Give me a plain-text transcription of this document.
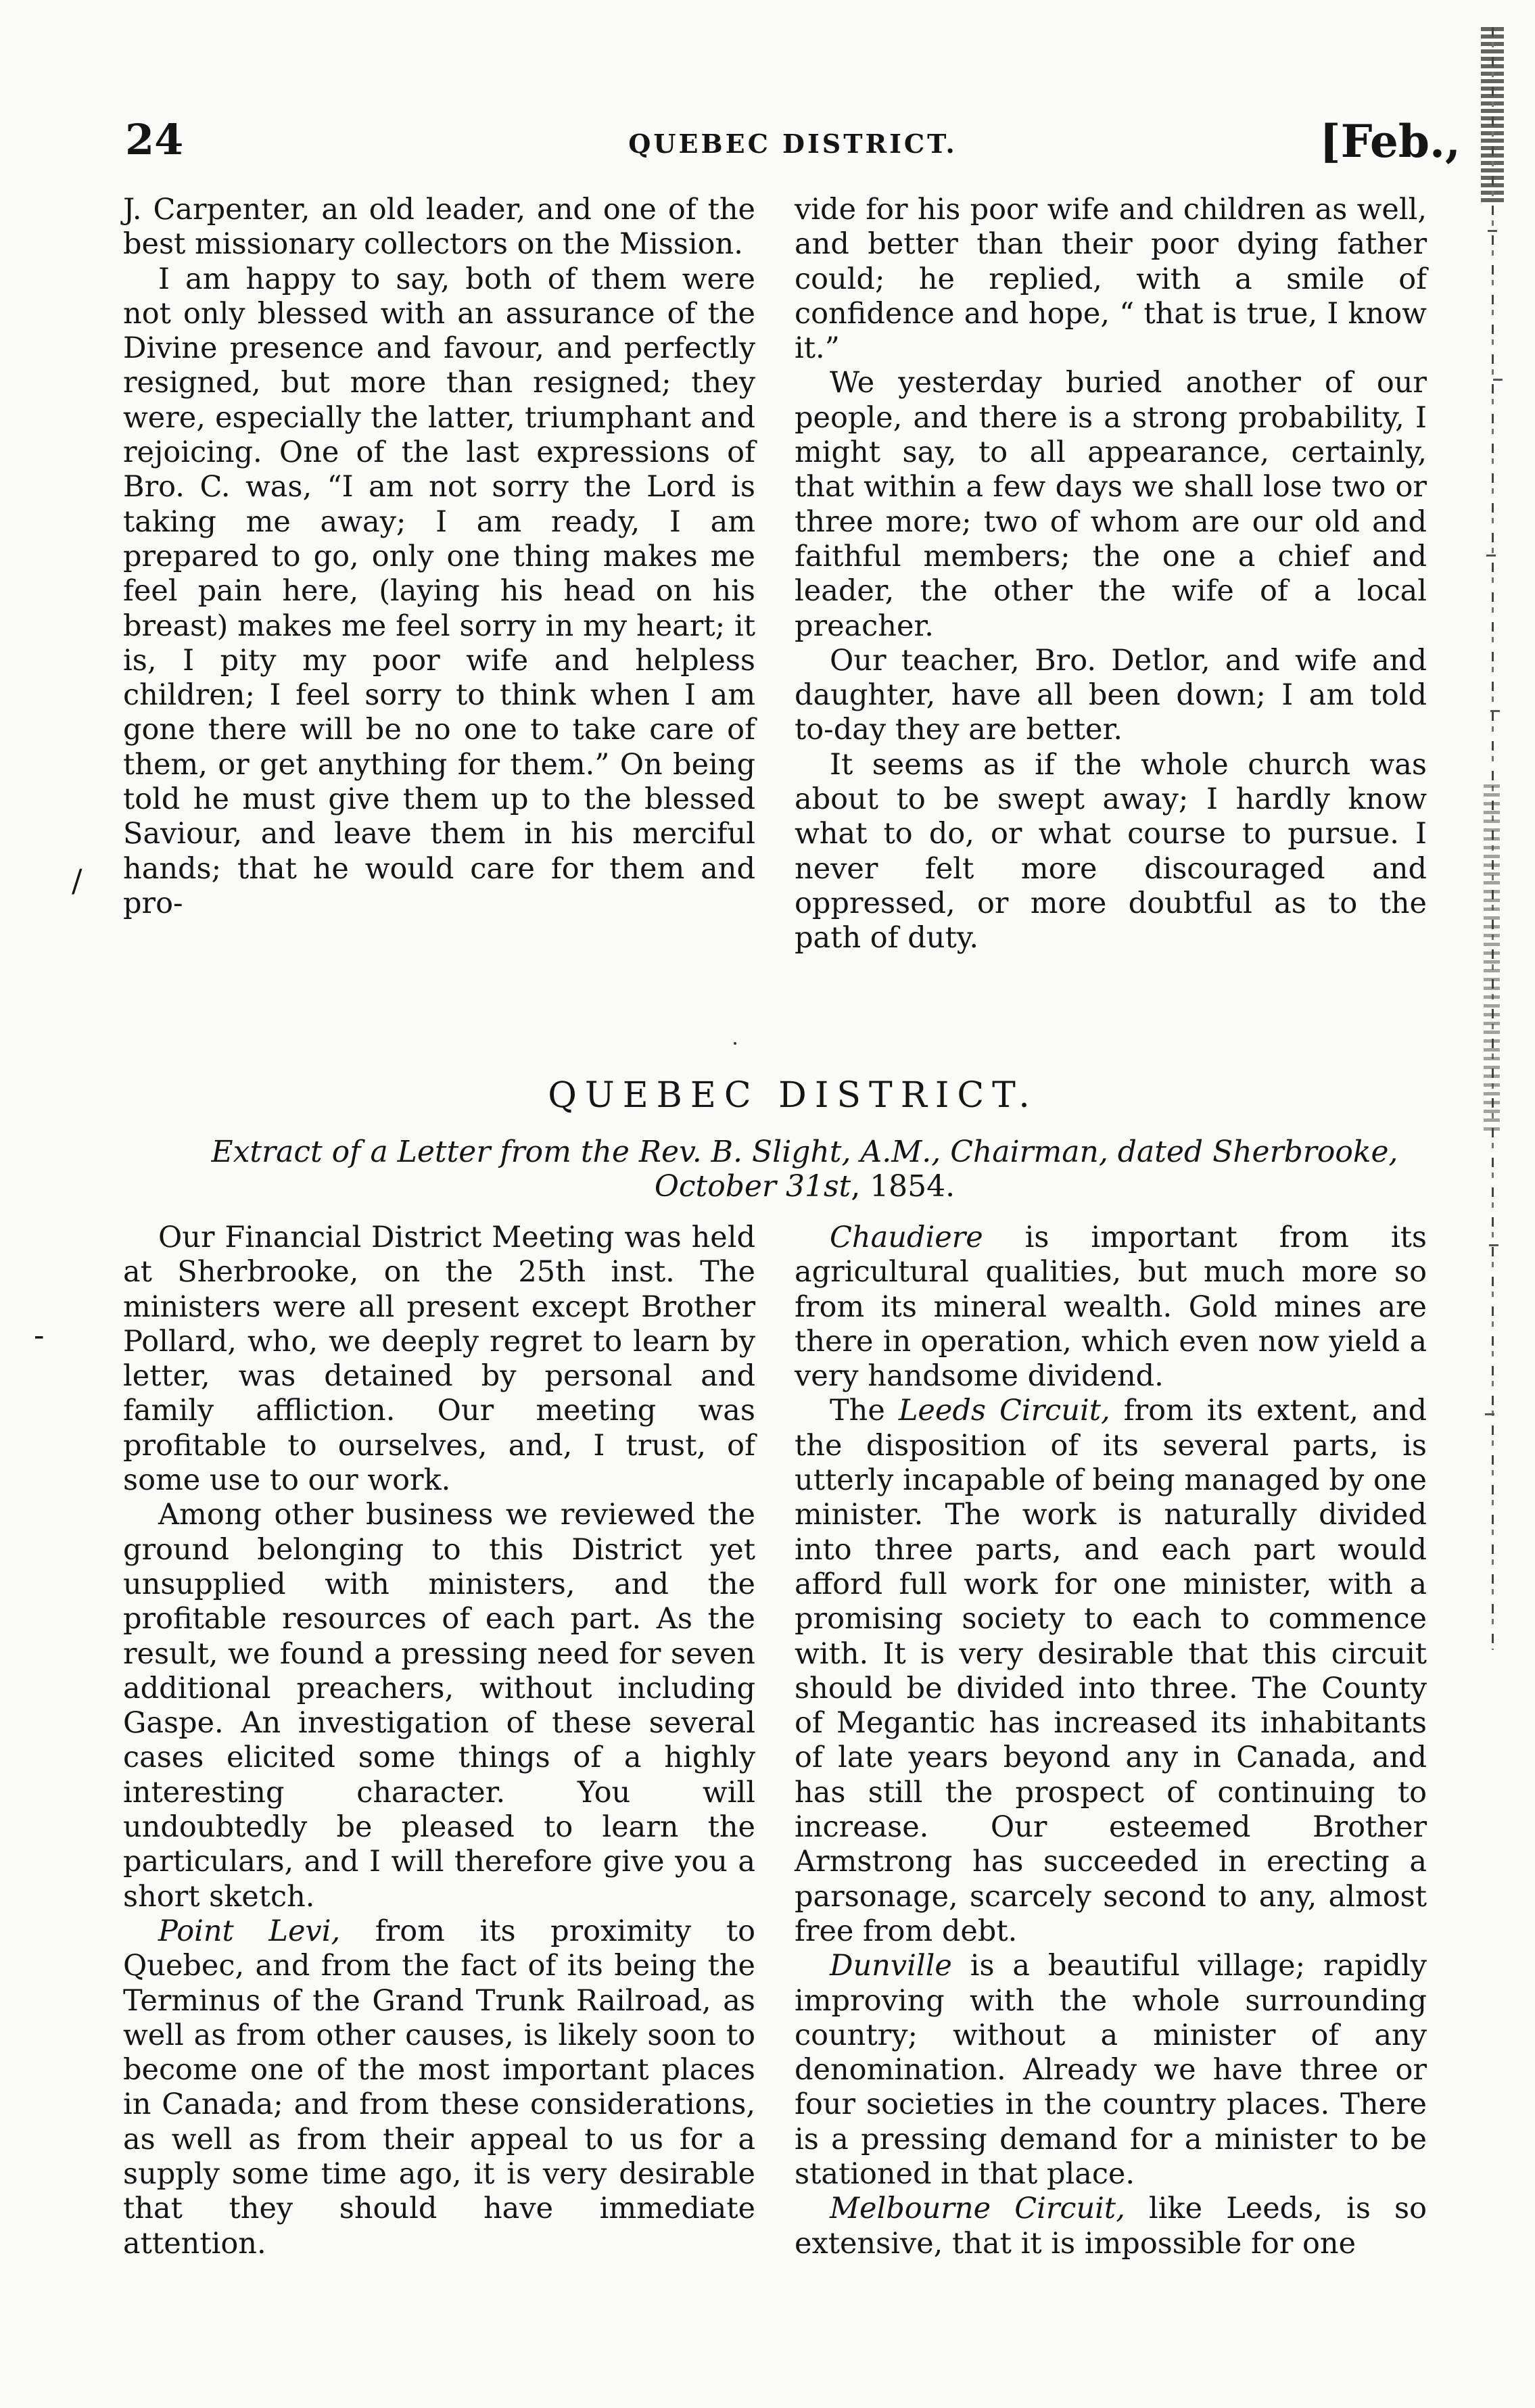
24	QUEBEC DISTRICT.	[Feb.,

J. Carpenter, an old leader, and one of the best missionary collectors on the Mission.

I am happy to say, both of them were not only blessed with an assurance of the Divine presence and favour, and perfectly resigned, but more than resigned; they were, especially the latter, triumphant and rejoicing. One of the last expressions of Bro. C. was, “I am not sorry the Lord is taking me away; I am ready, I am prepared to go, only one thing makes me feel pain here, (laying his head on his breast) makes me feel sorry in my heart; it is, I pity my poor wife and helpless children; I feel sorry to think when I am gone there will be no one to take care of them, or get anything for them.” On being told he must give them up to the blessed Saviour, and leave them in his merciful hands; that he would care for them and pro-

vide for his poor wife and children as well, and better than their poor dying father could; he replied, with a smile of confidence and hope, “ that is true, I know it.”

We yesterday buried another of our people, and there is a strong probability, I might say, to all appearance, certainly, that within a few days we shall lose two or three more; two of whom are our old and faithful members; the one a chief and leader, the other the wife of a local preacher.

Our teacher, Bro. Detlor, and wife and daughter, have all been down; I am told to-day they are better.

It seems as if the whole church was about to be swept away; I hardly know what to do, or what course to pursue. I never felt more discouraged and oppressed, or more doubtful as to the path of duty.

QUEBEC DISTRICT.
Extract of a Letter from the Rev. B. Slight, A.M., Chairman, dated Sherbrooke,
October 31st, 1854.

Our Financial District Meeting was held at Sherbrooke, on the 25th inst. The ministers were all present except Brother Pollard, who, we deeply regret to learn by letter, was detained by personal and family affliction. Our meeting was profitable to ourselves, and, I trust, of some use to our work.

Among other business we reviewed the ground belonging to this District yet unsupplied with ministers, and the profitable resources of each part. As the result, we found a pressing need for seven additional preachers, without including Gaspe. An investigation of these several cases elicited some things of a highly interesting character. You will undoubtedly be pleased to learn the particulars, and I will therefore give you a short sketch.

Point Levi, from its proximity to Quebec, and from the fact of its being the Terminus of the Grand Trunk Railroad, as well as from other causes, is likely soon to become one of the most important places in Canada; and from these considerations, as well as from their appeal to us for a supply some time ago, it is very desirable that they should have immediate attention.

Chaudiere is important from its agricultural qualities, but much more so from its mineral wealth. Gold mines are there in operation, which even now yield a very handsome dividend.

The Leeds Circuit, from its extent, and the disposition of its several parts, is utterly incapable of being managed by one minister. The work is naturally divided into three parts, and each part would afford full work for one minister, with a promising society to each to commence with. It is very desirable that this circuit should be divided into three. The County of Megantic has increased its inhabitants of late years beyond any in Canada, and has still the prospect of continuing to increase. Our esteemed Brother Armstrong has succeeded in erecting a parsonage, scarcely second to any, almost free from debt.

Dunville is a beautiful village; rapidly improving with the whole surrounding country; without a minister of any denomination. Already we have three or four societies in the country places. There is a pressing demand for a minister to be stationed in that place.

Melbourne Circuit, like Leeds, is so extensive, that it is impossible for one

/
-
